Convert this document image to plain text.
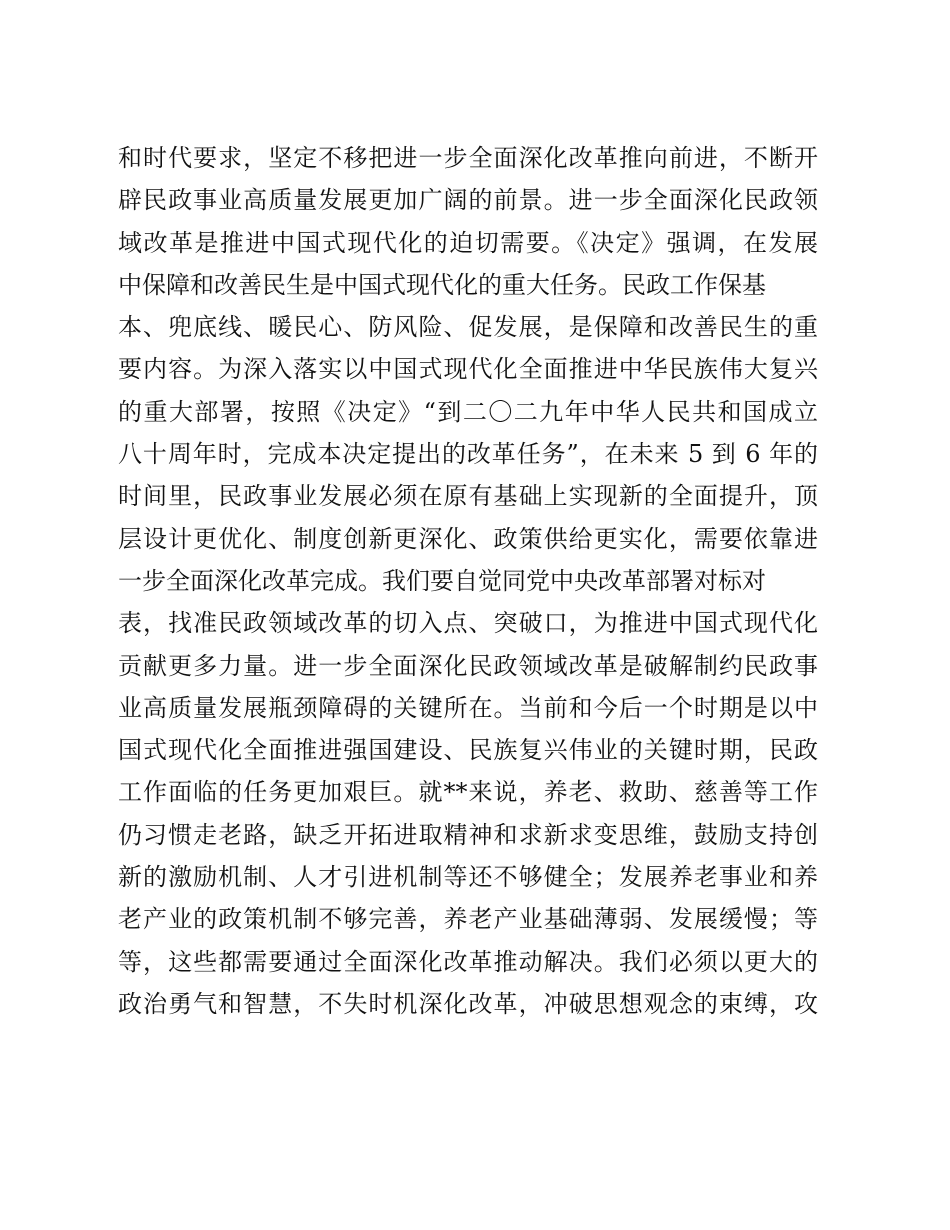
和时代要求，坚定不移把进一步全面深化改革推向前进，不断开
辟民政事业高质量发展更加广阔的前景。进一步全面深化民政领
域改革是推进中国式现代化的迫切需要。《决定》强调，在发展
中保障和改善民生是中国式现代化的重大任务。民政工作保基
本、兜底线、暖民心、防风险、促发展，是保障和改善民生的重
要内容。为深入落实以中国式现代化全面推进中华民族伟大复兴
的重大部署，按照《决定》“到二〇二九年中华人民共和国成立
八十周年时，完成本决定提出的改革任务”，在未来 5 到 6 年的
时间里，民政事业发展必须在原有基础上实现新的全面提升，顶
层设计更优化、制度创新更深化、政策供给更实化，需要依靠进
一步全面深化改革完成。我们要自觉同党中央改革部署对标对
表，找准民政领域改革的切入点、突破口，为推进中国式现代化
贡献更多力量。进一步全面深化民政领域改革是破解制约民政事
业高质量发展瓶颈障碍的关键所在。当前和今后一个时期是以中
国式现代化全面推进强国建设、民族复兴伟业的关键时期，民政
工作面临的任务更加艰巨。就**来说，养老、救助、慈善等工作
仍习惯走老路，缺乏开拓进取精神和求新求变思维，鼓励支持创
新的激励机制、人才引进机制等还不够健全；发展养老事业和养
老产业的政策机制不够完善，养老产业基础薄弱、发展缓慢；等
等，这些都需要通过全面深化改革推动解决。我们必须以更大的
政治勇气和智慧，不失时机深化改革，冲破思想观念的束缚，攻
